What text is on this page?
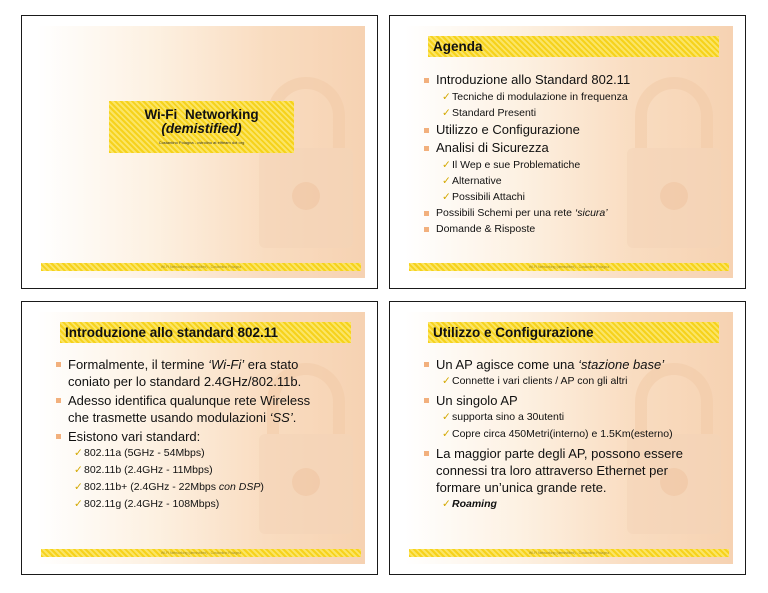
Wi-Fi Networking
(demistified)
Costantino Polagna - cstrolino at elfteam dot org
Wi-Fi Networking (demistified) - Costantino Polagna
Agenda
Introduzione allo Standard 802.11
✓ Tecniche di modulazione in frequenza
✓ Standard Presenti
Utilizzo e Configurazione
Analisi di Sicurezza
✓ Il Wep e sue Problematiche
✓ Alternative
✓ Possibili Attachi
Possibili Schemi per una rete ‘sicura’
Domande & Risposte
Wi-Fi Networking (demistified) - Costantino Polagna
Introduzione allo standard 802.11
Formalmente, il termine ‘Wi-Fi’ era stato
coniato per lo standard 2.4GHz/802.11b.
Adesso identifica qualunque rete Wireless
che trasmette usando modulazioni ‘SS’.
Esistono vari standard:
✓ 802.11a (5GHz - 54Mbps)
✓ 802.11b (2.4GHz - 11Mbps)
✓ 802.11b+ (2.4GHz - 22Mbps con DSP)
✓ 802.11g (2.4GHz - 108Mbps)
Wi-Fi Networking (demistified) - Costantino Polagna
Utilizzo e Configurazione
Un AP agisce come una ‘stazione base’
✓ Connette i vari clients / AP con gli altri
Un singolo AP
✓ supporta sino a 30utenti
✓ Copre circa 450Metri(interno) e 1.5Km(esterno)
La maggior parte degli AP, possono essere
connessi tra loro attraverso Ethernet per
formare un’unica grande rete.
✓ Roaming
Wi-Fi Networking (demistified) - Costantino Polagna
